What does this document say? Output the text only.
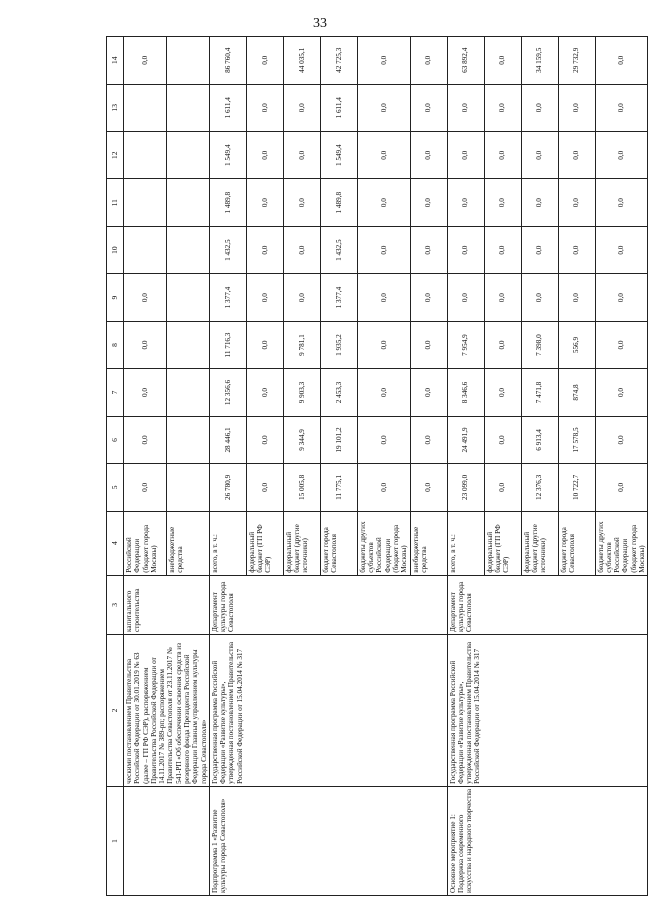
33
1	2	3	4	5	6	7	8	9	10	11	12	13	14
	ческими постановлением Правительства Российской Федерации от 30.01.2019 № 63 (далее – ГП РФ СЭР), распоряжением Правительства Российской Федерации от 14.11.2017 № 389-рп; распоряжением Правительства Севастополя от 23.11.2017 № 541-РП «Об обеспечении освоения средств из резервного фонда Президента Российской Федерации Главным управлением культуры города Севастополя»	капитального строительства	Российской Федерации (бюджет города Москвы)	0,0	0,0	0,0	0,0	0,0					0,0
			внебюджетные средства										
Подпрограмма 1 «Развитие культуры города Севастополя»	Государственная программа Российской Федерации «Развитие культуры», утвержденная постановлением Правительства Российской Федерации от 15.04.2014 № 317	Департамент культуры города Севастополя	всего, в т. ч.:	26 780,9	28 446,1	12 356,6	11 716,3	1 377,4	1 432,5	1 489,8	1 549,4	1 611,4	86 760,4
			федеральный бюджет (ГП РФ СЭР)	0,0	0,0	0,0	0,0	0,0	0,0	0,0	0,0	0,0	0,0
			федеральный бюджет (другие источники)	15 005,8	9 344,9	9 903,3	9 781,1	0,0	0,0	0,0	0,0	0,0	44 035,1
			бюджет города Севастополя	11 775,1	19 101,2	2 453,3	1 935,2	1 377,4	1 432,5	1 489,8	1 549,4	1 611,4	42 725,3
			бюджеты других субъектов Российской Федерации (бюджет города Москвы)	0,0	0,0	0,0	0,0	0,0	0,0	0,0	0,0	0,0	0,0
			внебюджетные средства	0,0	0,0	0,0	0,0	0,0	0,0	0,0	0,0	0,0	0,0
Основное мероприятие 1: Поддержка современного искусства и народного творчества	Государственная программа Российской Федерации «Развитие культуры», утвержденная постановлением Правительства Российской Федерации от 15.04.2014 № 317	Департамент культуры города Севастополя	всего, в т. ч.:	23 099,0	24 491,9	8 346,6	7 954,9	0,0	0,0	0,0	0,0	0,0	63 892,4
			федеральный бюджет (ГП РФ СЭР)	0,0	0,0	0,0	0,0	0,0	0,0	0,0	0,0	0,0	0,0
			федеральный бюджет (другие источники)	12 376,3	6 913,4	7 471,8	7 398,0	0,0	0,0	0,0	0,0	0,0	34 159,5
			бюджет города Севастополя	10 722,7	17 578,5	874,8	556,9	0,0	0,0	0,0	0,0	0,0	29 732,9
			бюджеты других субъектов Российской Федерации (бюджет города Москвы)	0,0	0,0	0,0	0,0	0,0	0,0	0,0	0,0	0,0	0,0
